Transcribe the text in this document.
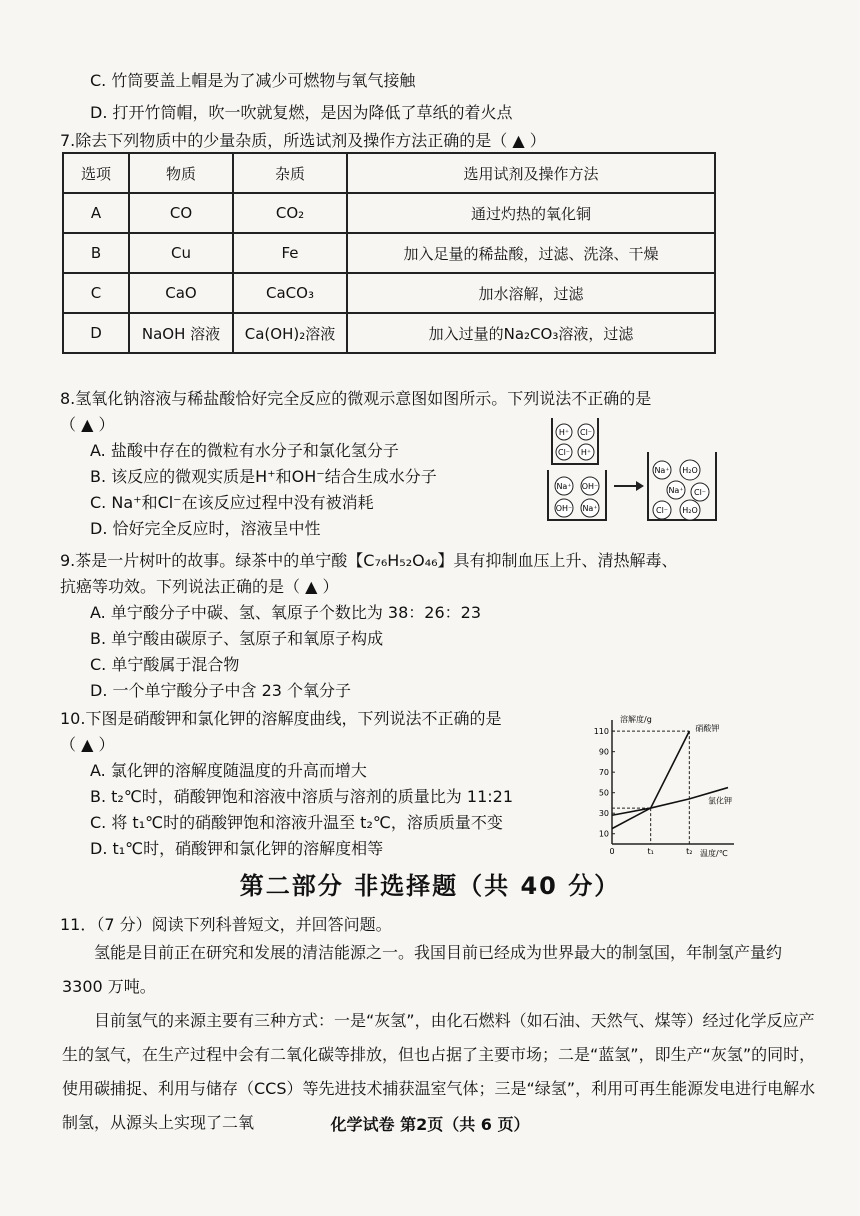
C. 竹筒要盖上帽是为了减少可燃物与氧气接触
D. 打开竹筒帽，吹一吹就复燃，是因为降低了草纸的着火点
7.除去下列物质中的少量杂质，所选试剂及操作方法正确的是（ ▲ ）
选项	物质	杂质	选用试剂及操作方法
A	CO	CO₂	通过灼热的氧化铜
B	Cu	Fe	加入足量的稀盐酸，过滤、洗涤、干燥
C	CaO	CaCO₃	加水溶解，过滤
D	NaOH 溶液	Ca(OH)₂溶液	加入过量的Na₂CO₃溶液，过滤
8.氢氧化钠溶液与稀盐酸恰好完全反应的微观示意图如图所示。下列说法不正确的是
（ ▲ ）
A. 盐酸中存在的微粒有水分子和氯化氢分子
B. 该反应的微观实质是H⁺和OH⁻结合生成水分子
C. Na⁺和Cl⁻在该反应过程中没有被消耗
D. 恰好完全反应时，溶液呈中性
H⁺ Cl⁻
Cl⁻ H⁺
Na⁺ OH⁻
OH⁻ Na⁺
Na⁺ H₂O
Na⁺ Cl⁻
Cl⁻ H₂O
9.茶是一片树叶的故事。绿茶中的单宁酸【C₇₆H₅₂O₄₆】具有抑制血压上升、清热解毒、
抗癌等功效。下列说法正确的是（ ▲ ）
A. 单宁酸分子中碳、氢、氧原子个数比为 38：26：23
B. 单宁酸由碳原子、氢原子和氧原子构成
C. 单宁酸属于混合物
D. 一个单宁酸分子中含 23 个氧分子
10.下图是硝酸钾和氯化钾的溶解度曲线，下列说法不正确的是
（ ▲ ）
A. 氯化钾的溶解度随温度的升高而增大
B. t₂℃时，硝酸钾饱和溶液中溶质与溶剂的质量比为 11:21
C. 将 t₁℃时的硝酸钾饱和溶液升温至 t₂℃，溶质质量不变
D. t₁℃时，硝酸钾和氯化钾的溶解度相等
溶解度/g
温度/℃
10
30
50
70
90
110
0	t₁	t₂
硝酸钾
氯化钾
第二部分 非选择题（共 40 分）
11．（7 分）阅读下列科普短文，并回答问题。
氢能是目前正在研究和发展的清洁能源之一。我国目前已经成为世界最大的制氢国，年制氢产量约 3300 万吨。
目前氢气的来源主要有三种方式：一是“灰氢”，由化石燃料（如石油、天然气、煤等）经过化学反应产生的氢气，在生产过程中会有二氧化碳等排放，但也占据了主要市场；二是“蓝氢”，即生产“灰氢”的同时，使用碳捕捉、利用与储存（CCS）等先进技术捕获温室气体；三是“绿氢”，利用可再生能源发电进行电解水制氢，从源头上实现了二氧	化学试卷 第2页（共 6 页）
